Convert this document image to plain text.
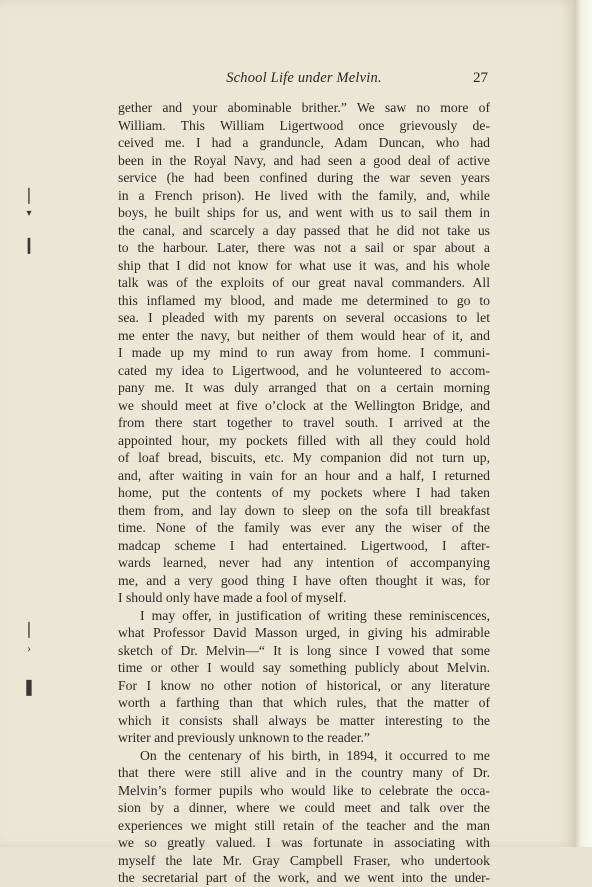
❘
▾
❙
❘
›
❚
School Life under Melvin.	27
gether and your abominable brither.” We saw no more of
William. This William Ligertwood once grievously de-
ceived me. I had a granduncle, Adam Duncan, who had
been in the Royal Navy, and had seen a good deal of active
service (he had been confined during the war seven years
in a French prison). He lived with the family, and, while
boys, he built ships for us, and went with us to sail them in
the canal, and scarcely a day passed that he did not take us
to the harbour. Later, there was not a sail or spar about a
ship that I did not know for what use it was, and his whole
talk was of the exploits of our great naval commanders. All
this inflamed my blood, and made me determined to go to
sea. I pleaded with my parents on several occasions to let
me enter the navy, but neither of them would hear of it, and
I made up my mind to run away from home. I communi-
cated my idea to Ligertwood, and he volunteered to accom-
pany me. It was duly arranged that on a certain morning
we should meet at five o’clock at the Wellington Bridge, and
from there start together to travel south. I arrived at the
appointed hour, my pockets filled with all they could hold
of loaf bread, biscuits, etc. My companion did not turn up,
and, after waiting in vain for an hour and a half, I returned
home, put the contents of my pockets where I had taken
them from, and lay down to sleep on the sofa till breakfast
time. None of the family was ever any the wiser of the
madcap scheme I had entertained. Ligertwood, I after-
wards learned, never had any intention of accompanying
me, and a very good thing I have often thought it was, for
I should only have made a fool of myself.
I may offer, in justification of writing these reminiscences,
what Professor David Masson urged, in giving his admirable
sketch of Dr. Melvin—“ It is long since I vowed that some
time or other I would say something publicly about Melvin.
For I know no other notion of historical, or any literature
worth a farthing than that which rules, that the matter of
which it consists shall always be matter interesting to the
writer and previously unknown to the reader.”
On the centenary of his birth, in 1894, it occurred to me
that there were still alive and in the country many of Dr.
Melvin’s former pupils who would like to celebrate the occa-
sion by a dinner, where we could meet and talk over the
experiences we might still retain of the teacher and the man
we so greatly valued. I was fortunate in associating with
myself the late Mr. Gray Campbell Fraser, who undertook
the secretarial part of the work, and we went into the under-
